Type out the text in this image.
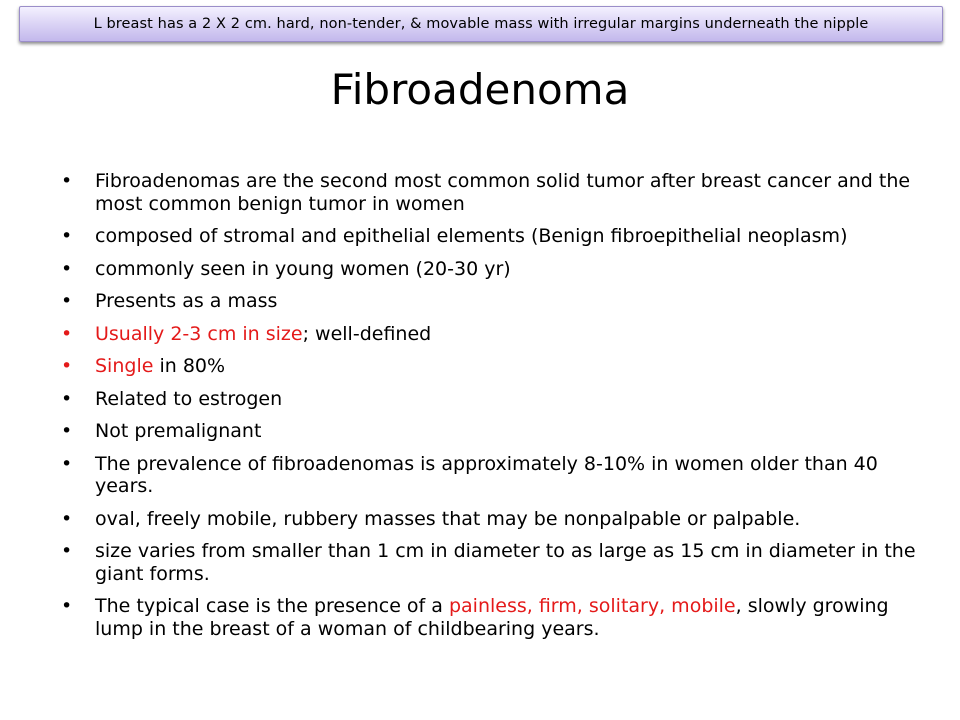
L breast has a 2 X 2 cm. hard, non-tender, & movable mass with irregular margins underneath the nipple
Fibroadenoma
• Fibroadenomas are the second most common solid tumor after breast cancer and the most common benign tumor in women
• composed of stromal and epithelial elements (Benign fibroepithelial neoplasm)
• commonly seen in young women (20-30 yr)
• Presents as a mass
• Usually 2-3 cm in size; well-defined
• Single in 80%
• Related to estrogen
• Not premalignant
• The prevalence of fibroadenomas is approximately 8-10% in women older than 40 years.
• oval, freely mobile, rubbery masses that may be nonpalpable or palpable.
• size varies from smaller than 1 cm in diameter to as large as 15 cm in diameter in the giant forms.
• The typical case is the presence of a painless, firm, solitary, mobile, slowly growing lump in the breast of a woman of childbearing years.
